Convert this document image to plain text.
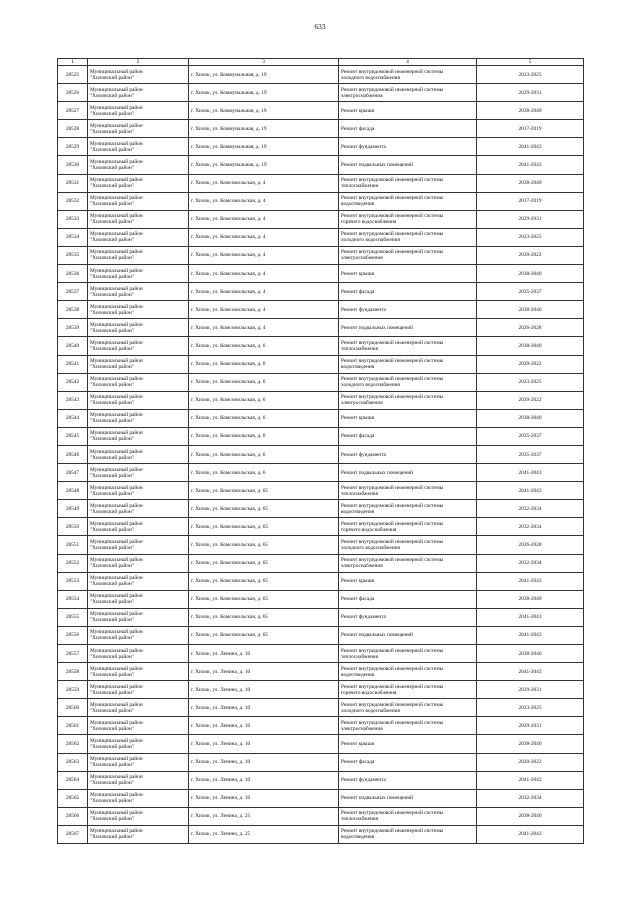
633
1	2	3	4	5
28525	Муниципальный район
"Хиловский район"	г. Хилок, ул. Коммунальная, д. 19	Ремонт внутридомовой инженерной системы
холодного водоснабжения	2023-2025
28526	Муниципальный район
"Хиловский район"	г. Хилок, ул. Коммунальная, д. 19	Ремонт внутридомовой инженерной системы
электроснабжения	2029-2031
28527	Муниципальный район
"Хиловский район"	г. Хилок, ул. Коммунальная, д. 19	Ремонт крыши	2038-2040
28528	Муниципальный район
"Хиловский район"	г. Хилок, ул. Коммунальная, д. 19	Ремонт фасада	2017-2019
28529	Муниципальный район
"Хиловский район"	г. Хилок, ул. Коммунальная, д. 19	Ремонт фундамента	2041-2043
28530	Муниципальный район
"Хиловский район"	г. Хилок, ул. Коммунальная, д. 19	Ремонт подвальных помещений	2041-2043
28531	Муниципальный район
"Хиловский район"	г. Хилок, ул. Комсомольская, д. 4	Ремонт внутридомовой инженерной системы
теплоснабжения	2038-2040
28532	Муниципальный район
"Хиловский район"	г. Хилок, ул. Комсомольская, д. 4	Ремонт внутридомовой инженерной системы
водоотведения	2017-2019
28533	Муниципальный район
"Хиловский район"	г. Хилок, ул. Комсомольская, д. 4	Ремонт внутридомовой инженерной системы
горячего водоснабжения	2029-2031
28534	Муниципальный район
"Хиловский район"	г. Хилок, ул. Комсомольская, д. 4	Ремонт внутридомовой инженерной системы
холодного водоснабжения	2023-2025
28535	Муниципальный район
"Хиловский район"	г. Хилок, ул. Комсомольская, д. 4	Ремонт внутридомовой инженерной системы
электроснабжения	2020-2022
28536	Муниципальный район
"Хиловский район"	г. Хилок, ул. Комсомольская, д. 4	Ремонт крыши	2038-2040
28537	Муниципальный район
"Хиловский район"	г. Хилок, ул. Комсомольская, д. 4	Ремонт фасада	2035-2037
28538	Муниципальный район
"Хиловский район"	г. Хилок, ул. Комсомольская, д. 4	Ремонт фундамента	2038-2040
28539	Муниципальный район
"Хиловский район"	г. Хилок, ул. Комсомольская, д. 4	Ремонт подвальных помещений	2026-2028
28540	Муниципальный район
"Хиловский район"	г. Хилок, ул. Комсомольская, д. 6	Ремонт внутридомовой инженерной системы
теплоснабжения	2038-2040
28541	Муниципальный район
"Хиловский район"	г. Хилок, ул. Комсомольская, д. 6	Ремонт внутридомовой инженерной системы
водоотведения	2020-2022
28542	Муниципальный район
"Хиловский район"	г. Хилок, ул. Комсомольская, д. 6	Ремонт внутридомовой инженерной системы
холодного водоснабжения	2023-2025
28543	Муниципальный район
"Хиловский район"	г. Хилок, ул. Комсомольская, д. 6	Ремонт внутридомовой инженерной системы
электроснабжения	2020-2022
28544	Муниципальный район
"Хиловский район"	г. Хилок, ул. Комсомольская, д. 6	Ремонт крыши	2038-2040
28545	Муниципальный район
"Хиловский район"	г. Хилок, ул. Комсомольская, д. 6	Ремонт фасада	2035-2037
28546	Муниципальный район
"Хиловский район"	г. Хилок, ул. Комсомольская, д. 6	Ремонт фундамента	2035-2037
28547	Муниципальный район
"Хиловский район"	г. Хилок, ул. Комсомольская, д. 6	Ремонт подвальных помещений	2041-2043
28548	Муниципальный район
"Хиловский район"	г. Хилок, ул. Комсомольская, д. 65	Ремонт внутридомовой инженерной системы
теплоснабжения	2041-2043
28549	Муниципальный район
"Хиловский район"	г. Хилок, ул. Комсомольская, д. 65	Ремонт внутридомовой инженерной системы
водоотведения	2032-2034
28550	Муниципальный район
"Хиловский район"	г. Хилок, ул. Комсомольская, д. 65	Ремонт внутридомовой инженерной системы
горячего водоснабжения	2032-2034
28551	Муниципальный район
"Хиловский район"	г. Хилок, ул. Комсомольская, д. 65	Ремонт внутридомовой инженерной системы
холодного водоснабжения	2026-2028
28552	Муниципальный район
"Хиловский район"	г. Хилок, ул. Комсомольская, д. 65	Ремонт внутридомовой инженерной системы
электроснабжения	2032-2034
28553	Муниципальный район
"Хиловский район"	г. Хилок, ул. Комсомольская, д. 65	Ремонт крыши	2041-2043
28554	Муниципальный район
"Хиловский район"	г. Хилок, ул. Комсомольская, д. 65	Ремонт фасада	2038-2040
28555	Муниципальный район
"Хиловский район"	г. Хилок, ул. Комсомольская, д. 65	Ремонт фундамента	2041-2043
28556	Муниципальный район
"Хиловский район"	г. Хилок, ул. Комсомольская, д. 65	Ремонт подвальных помещений	2041-2043
28557	Муниципальный район
"Хиловский район"	г. Хилок, ул. Ленина, д. 10	Ремонт внутридомовой инженерной системы
теплоснабжения	2038-2040
28558	Муниципальный район
"Хиловский район"	г. Хилок, ул. Ленина, д. 10	Ремонт внутридомовой инженерной системы
водоотведения	2041-2043
28559	Муниципальный район
"Хиловский район"	г. Хилок, ул. Ленина, д. 10	Ремонт внутридомовой инженерной системы
горячего водоснабжения	2029-2031
28560	Муниципальный район
"Хиловский район"	г. Хилок, ул. Ленина, д. 10	Ремонт внутридомовой инженерной системы
холодного водоснабжения	2023-2025
28561	Муниципальный район
"Хиловский район"	г. Хилок, ул. Ленина, д. 10	Ремонт внутридомовой инженерной системы
электроснабжения	2029-2031
28562	Муниципальный район
"Хиловский район"	г. Хилок, ул. Ленина, д. 10	Ремонт крыши	2038-2040
28563	Муниципальный район
"Хиловский район"	г. Хилок, ул. Ленина, д. 10	Ремонт фасада	2020-2022
28564	Муниципальный район
"Хиловский район"	г. Хилок, ул. Ленина, д. 10	Ремонт фундамента	2041-2043
28565	Муниципальный район
"Хиловский район"	г. Хилок, ул. Ленина, д. 10	Ремонт подвальных помещений	2032-2034
28566	Муниципальный район
"Хиловский район"	г. Хилок, ул. Ленина, д. 25	Ремонт внутридомовой инженерной системы
теплоснабжения	2038-2040
28567	Муниципальный район
"Хиловский район"	г. Хилок, ул. Ленина, д. 25	Ремонт внутридомовой инженерной системы
водоотведения	2041-2043
